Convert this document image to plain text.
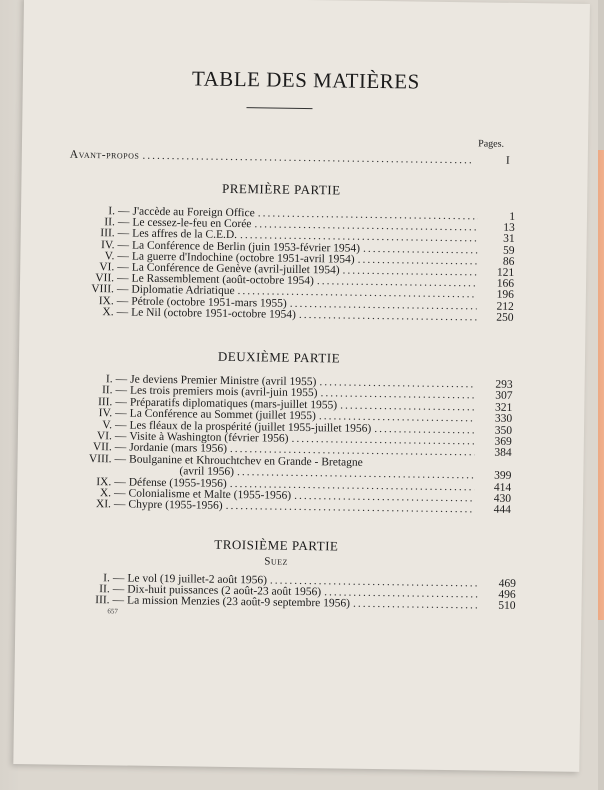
TABLE DES MATIÈRES
Pages.
Avant-propos .....	I
PREMIÈRE PARTIE
I. — J'accède au Foreign Office .....	1
II. — Le cessez-le-feu en Corée .....	13
III. — Les affres de la C.E.D. .....	31
IV. — La Conférence de Berlin (juin 1953-février 1954) .....	59
V. — La guerre d'Indochine (octobre 1951-avril 1954) .....	86
VI. — La Conférence de Genève (avril-juillet 1954) .....	121
VII. — Le Rassemblement (août-octobre 1954) .....	166
VIII. — Diplomatie Adriatique .....	196
IX. — Pétrole (octobre 1951-mars 1955) .....	212
X. — Le Nil (octobre 1951-octobre 1954) .....	250
DEUXIÈME PARTIE
I. — Je deviens Premier Ministre (avril 1955) .....	293
II. — Les trois premiers mois (avril-juin 1955) .....	307
III. — Préparatifs diplomatiques (mars-juillet 1955) .....	321
IV. — La Conférence au Sommet (juillet 1955) .....	330
V. — Les fléaux de la prospérité (juillet 1955-juillet 1956) .....	350
VI. — Visite à Washington (février 1956) .....	369
VII. — Jordanie (mars 1956) .....	384
VIII. — Boulganine et Khrouchtchev en Grande - Bretagne
(avril 1956) .....	399
IX. — Défense (1955-1956) .....	414
X. — Colonialisme et Malte (1955-1956) .....	430
XI. — Chypre (1955-1956) .....	444
TROISIÈME PARTIE
Suez
I. — Le vol (19 juillet-2 août 1956) .....	469
II. — Dix-huit puissances (2 août-23 août 1956) .....	496
III. — La mission Menzies (23 août-9 septembre 1956) .....	510
657
